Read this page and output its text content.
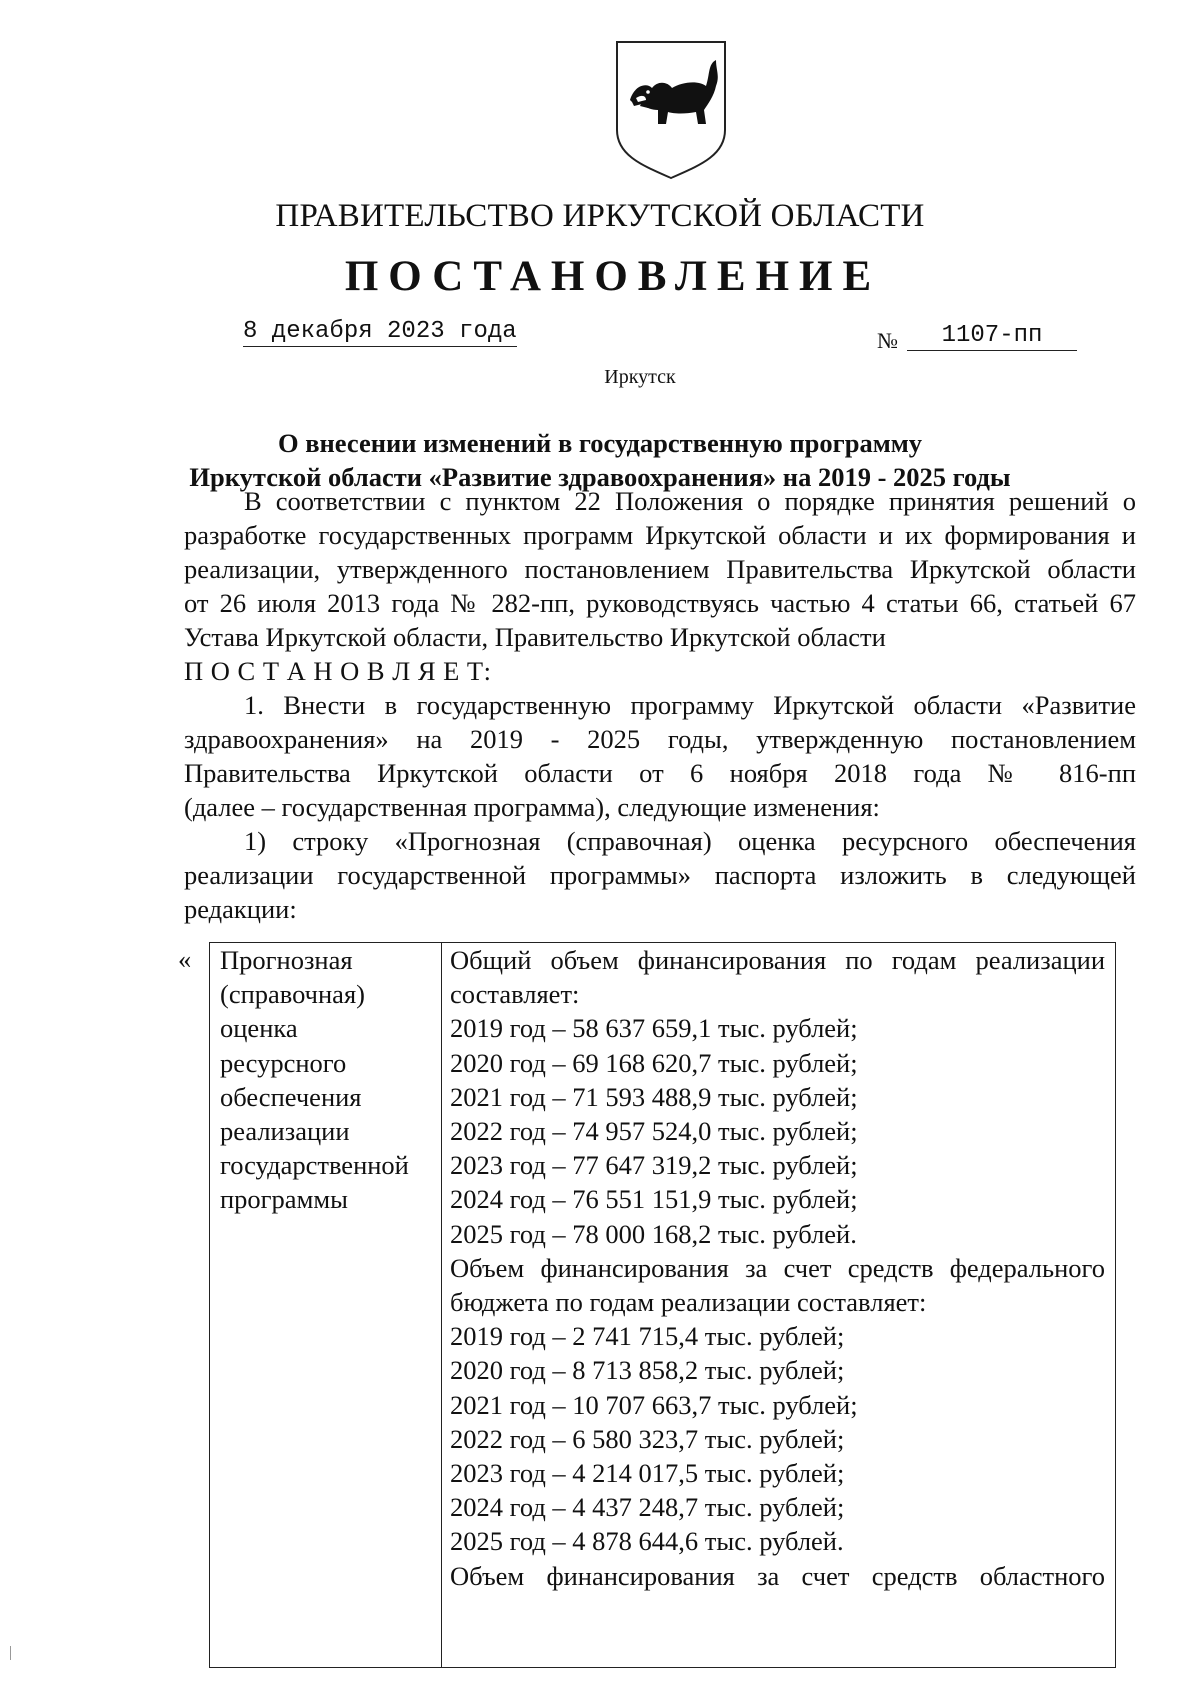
ПРАВИТЕЛЬСТВО ИРКУТСКОЙ ОБЛАСТИ
ПОСТАНОВЛЕНИЕ
8 декабря 2023 года	№	1107-пп
Иркутск
О внесении изменений в государственную программу
Иркутской области «Развитие здравоохранения» на 2019 - 2025 годы
В соответствии с пунктом 22 Положения о порядке принятия решений о
разработке государственных программ Иркутской области и их формирования и
реализации, утвержденного постановлением Правительства Иркутской области
от 26 июля 2013 года № 282-пп, руководствуясь частью 4 статьи 66, статьей 67
Устава Иркутской области, Правительство Иркутской области
П О С Т А Н О В Л Я Е Т:
1. Внести в государственную программу Иркутской области «Развитие
здравоохранения» на 2019 - 2025 годы, утвержденную постановлением
Правительства Иркутской области от 6 ноября 2018 года № 816-пп
(далее – государственная программа), следующие изменения:
1) строку «Прогнозная (справочная) оценка ресурсного обеспечения
реализации государственной программы» паспорта изложить в следующей
редакции:
« Прогнозная
(справочная)
оценка
ресурсного
обеспечения
реализации
государственной
программы
Общий объем финансирования по годам реализации
составляет:
2019 год – 58 637 659,1 тыс. рублей;
2020 год – 69 168 620,7 тыс. рублей;
2021 год – 71 593 488,9 тыс. рублей;
2022 год – 74 957 524,0 тыс. рублей;
2023 год – 77 647 319,2 тыс. рублей;
2024 год – 76 551 151,9 тыс. рублей;
2025 год – 78 000 168,2 тыс. рублей.
Объем финансирования за счет средств федерального
бюджета по годам реализации составляет:
2019 год – 2 741 715,4 тыс. рублей;
2020 год – 8 713 858,2 тыс. рублей;
2021 год – 10 707 663,7 тыс. рублей;
2022 год – 6 580 323,7 тыс. рублей;
2023 год – 4 214 017,5 тыс. рублей;
2024 год – 4 437 248,7 тыс. рублей;
2025 год – 4 878 644,6 тыс. рублей.
Объем финансирования за счет средств областного
